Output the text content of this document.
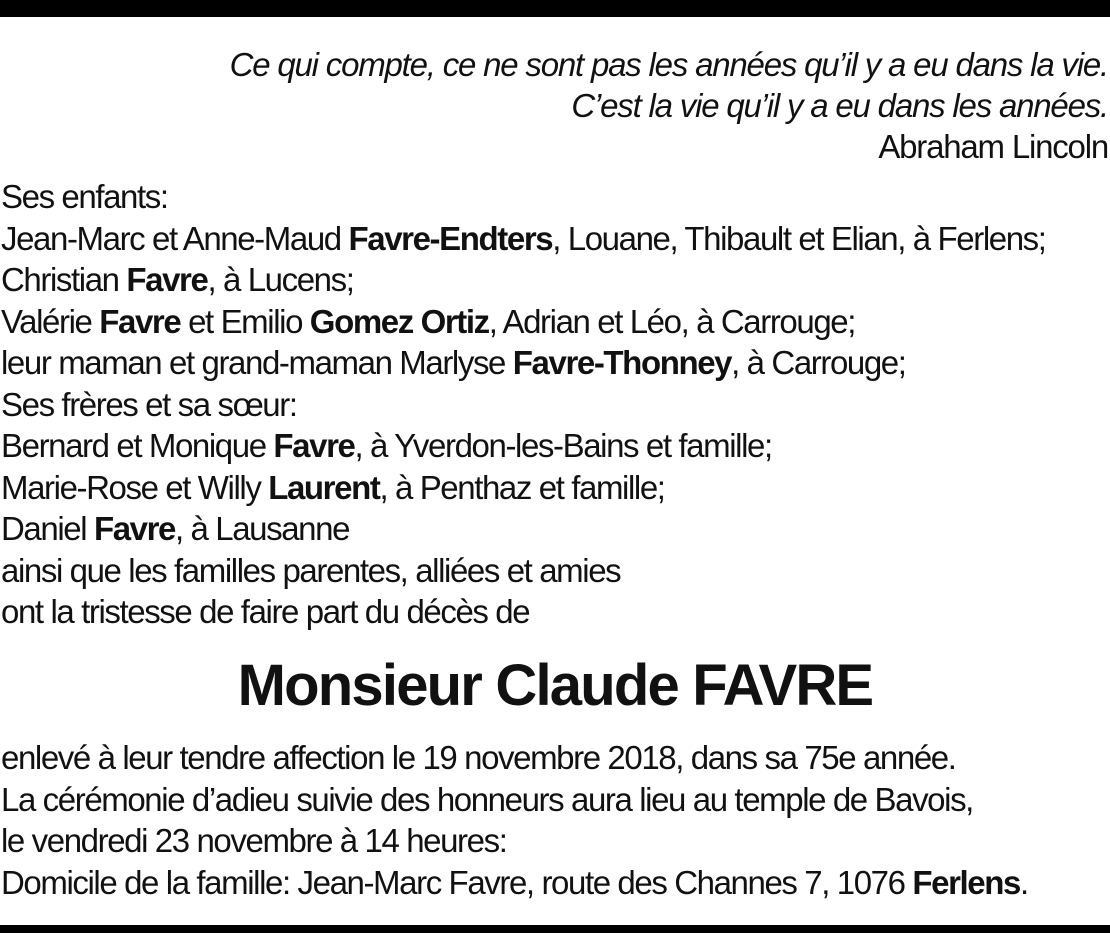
Ce qui compte, ce ne sont pas les années qu’il y a eu dans la vie.
C’est la vie qu’il y a eu dans les années.
Abraham Lincoln
Ses enfants:
Jean-Marc et Anne-Maud Favre-Endters, Louane, Thibault et Elian, à Ferlens;
Christian Favre, à Lucens;
Valérie Favre et Emilio Gomez Ortiz, Adrian et Léo, à Carrouge;
leur maman et grand-maman Marlyse Favre-Thonney, à Carrouge;
Ses frères et sa sœur:
Bernard et Monique Favre, à Yverdon-les-Bains et famille;
Marie-Rose et Willy Laurent, à Penthaz et famille;
Daniel Favre, à Lausanne
ainsi que les familles parentes, alliées et amies
ont la tristesse de faire part du décès de
Monsieur Claude FAVRE
enlevé à leur tendre affection le 19 novembre 2018, dans sa 75e année.
La cérémonie d’adieu suivie des honneurs aura lieu au temple de Bavois,
le vendredi 23 novembre à 14 heures:
Domicile de la famille: Jean-Marc Favre, route des Channes 7, 1076 Ferlens.
